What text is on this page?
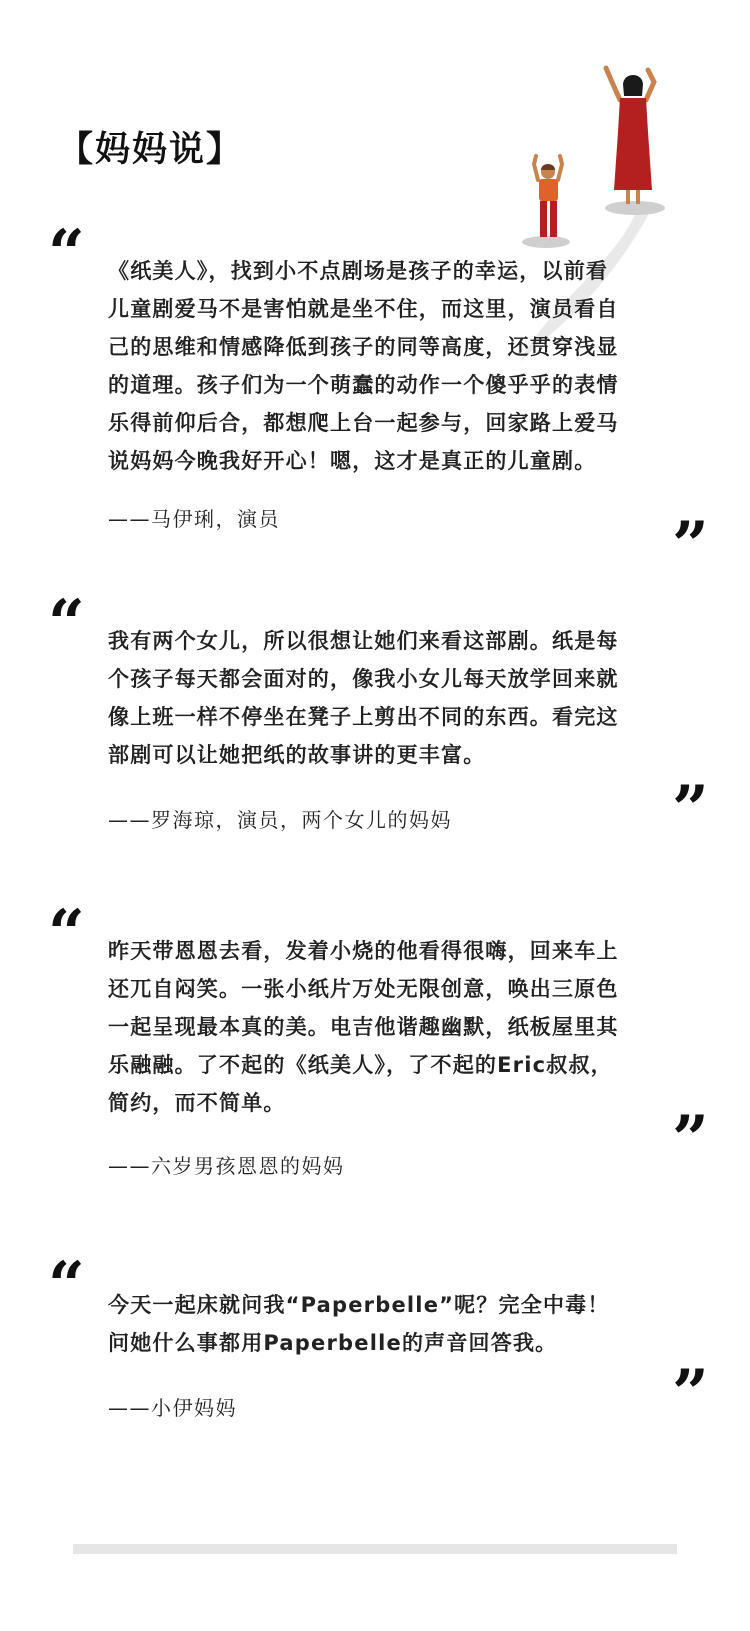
【妈妈说】
“ 《纸美人》，找到小不点剧场是孩子的幸运，以前看

儿童剧爱马不是害怕就是坐不住，而这里，演员看自

己的思维和情感降低到孩子的同等高度，还贯穿浅显

的道理。孩子们为一个萌蠢的动作一个傻乎乎的表情

乐得前仰后合，都想爬上台一起参与，回家路上爱马

说妈妈今晚我好开心！嗯，这才是真正的儿童剧。

——马伊琍，演员	”
“ 我有两个女儿，所以很想让她们来看这部剧。纸是每

个孩子每天都会面对的，像我小女儿每天放学回来就

像上班一样不停坐在凳子上剪出不同的东西。看完这

部剧可以让她把纸的故事讲的更丰富。

”
——罗海琼，演员，两个女儿的妈妈
“ 昨天带恩恩去看，发着小烧的他看得很嗨，回来车上

还兀自闷笑。一张小纸片万处无限创意，唤出三原色

一起呈现最本真的美。电吉他谐趣幽默，纸板屋里其

乐融融。了不起的《纸美人》，了不起的Eric叔叔，

简约，而不简单。	”
——六岁男孩恩恩的妈妈
“ 今天一起床就问我“Paperbelle”呢？完全中毒！

问她什么事都用Paperbelle的声音回答我。

”
——小伊妈妈
